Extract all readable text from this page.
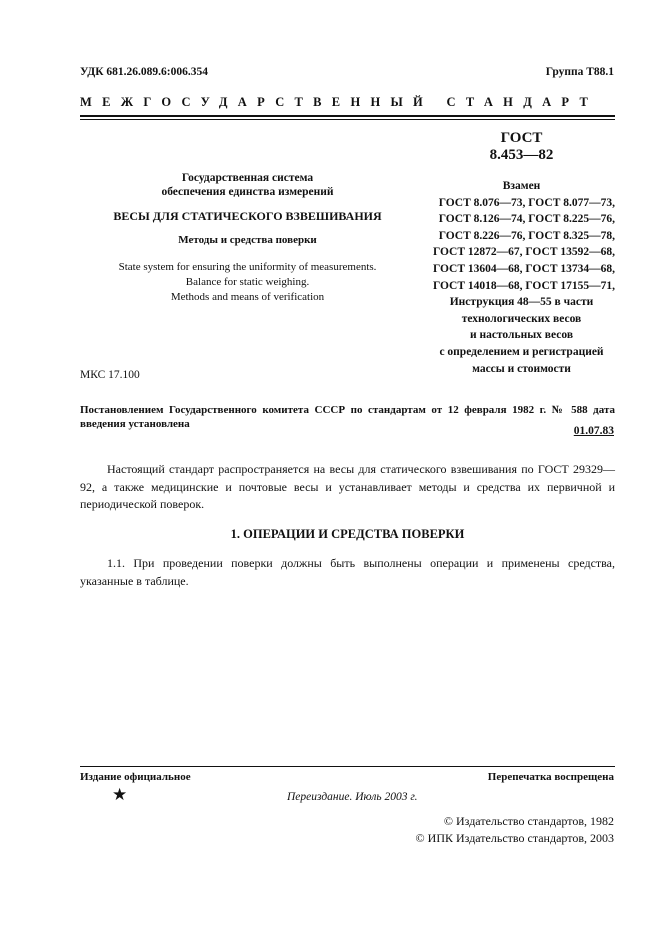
УДК 681.26.089.6:006.354	Группа Т88.1
МЕЖГОСУДАРСТВЕННЫЙ СТАНДАРТ
ГОСТ
8.453—82
Государственная система
обеспечения единства измерений
ВЕСЫ ДЛЯ СТАТИЧЕСКОГО ВЗВЕШИВАНИЯ
Методы и средства поверки
State system for ensuring the uniformity of measurements.
Balance for static weighing.
Methods and means of verification
Взамен
ГОСТ 8.076—73, ГОСТ 8.077—73,
ГОСТ 8.126—74, ГОСТ 8.225—76,
ГОСТ 8.226—76, ГОСТ 8.325—78,
ГОСТ 12872—67, ГОСТ 13592—68,
ГОСТ 13604—68, ГОСТ 13734—68,
ГОСТ 14018—68, ГОСТ 17155—71,
Инструкция 48—55 в части
технологических весов
и настольных весов
с определением и регистрацией
массы и стоимости
МКС 17.100
Постановлением Государственного комитета СССР по стандартам от 12 февраля 1982 г. № 588 дата введения установлена
01.07.83
Настоящий стандарт распространяется на весы для статического взвешивания по ГОСТ 29329—92, а также медицинские и почтовые весы и устанавливает методы и средства их первичной и периодической поверок.
1. ОПЕРАЦИИ И СРЕДСТВА ПОВЕРКИ
1.1. При проведении поверки должны быть выполнены операции и применены средства, указанные в таблице.
Издание официальное	Перепечатка воспрещена
★	Переиздание. Июль 2003 г.
© Издательство стандартов, 1982
© ИПК Издательство стандартов, 2003
